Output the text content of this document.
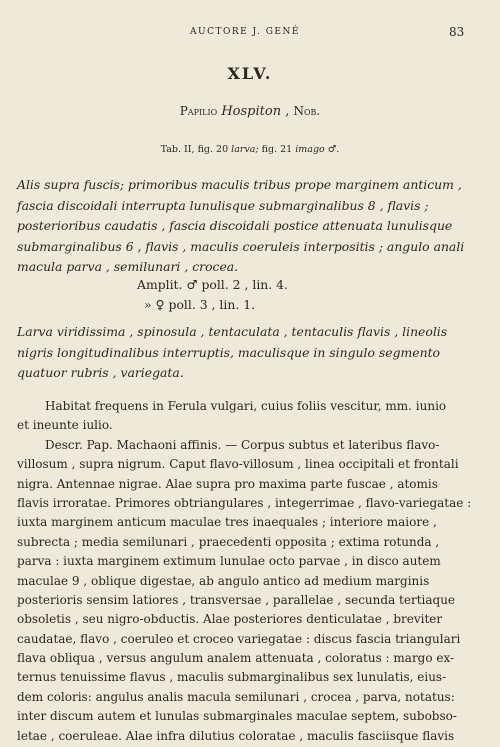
AUCTORE J. GENÉ	83
XLV.
Papilio Hospiton , Nob.
Tab. II, fig. 20 larva; fig. 21 imago ♂.
Alis supra fuscis; primoribus maculis tribus prope marginem anticum ,
fascia discoidali interrupta lunulisque submarginalibus 8 , flavis ;
posterioribus caudatis , fascia discoidali postice attenuata lunulisque
submarginalibus 6 , flavis , maculis coeruleis interpositis ; angulo anali
macula parva , semilunari , crocea.
Amplit. ♂ poll. 2 , lin. 4.
» ♀ poll. 3 , lin. 1.
Larva viridissima , spinosula , tentaculata , tentaculis flavis , lineolis
nigris longitudinalibus interruptis, maculisque in singulo segmento
quatuor rubris , variegata.
Habitat frequens in Ferula vulgari, cuius foliis vescitur, mm. iunio
et ineunte iulio.
Descr. Pap. Machaoni affinis. — Corpus subtus et lateribus flavo-
villosum , supra nigrum. Caput flavo-villosum , linea occipitali et frontali
nigra. Antennae nigrae. Alae supra pro maxima parte fuscae , atomis
flavis irroratae. Primores obtriangulares , integerrimae , flavo-variegatae :
iuxta marginem anticum maculae tres inaequales ; interiore maiore ,
subrecta ; media semilunari , praecedenti opposita ; extima rotunda ,
parva : iuxta marginem extimum lunulae octo parvae , in disco autem
maculae 9 , oblique digestae, ab angulo antico ad medium marginis
posterioris sensim latiores , transversae , parallelae , secunda tertiaque
obsoletis , seu nigro-obductis. Alae posteriores denticulatae , breviter
caudatae, flavo , coeruleo et croceo variegatae : discus fascia triangulari
flava obliqua , versus angulum analem attenuata , coloratus : margo ex-
ternus tenuissime flavus , maculis submarginalibus sex lunulatis, eius-
dem coloris: angulus analis macula semilunari , crocea , parva, notatus:
inter discum autem et lunulas submarginales maculae septem, subobso-
letae , coeruleae. Alae infra dilutius coloratae , maculis fasciisque flavis
